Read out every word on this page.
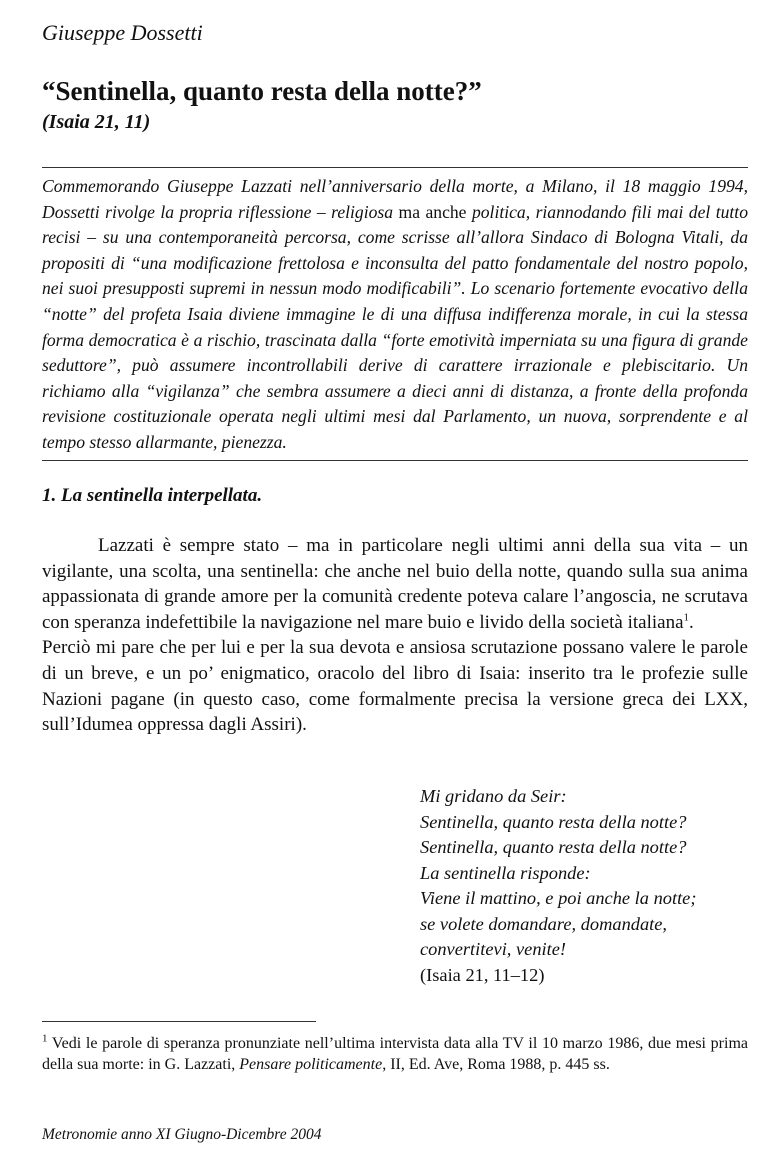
Giuseppe Dossetti
“Sentinella, quanto resta della notte?”
(Isaia 21, 11)
Commemorando Giuseppe Lazzati nell’anniversario della morte, a Milano, il 18 maggio 1994, Dossetti rivolge la propria riflessione – religiosa ma anche politica, riannodando fili mai del tutto recisi – su una contemporaneità percorsa, come scrisse all’allora Sindaco di Bologna Vitali, da propositi di “una modificazione frettolosa e inconsulta del patto fondamentale del nostro popolo, nei suoi presupposti supremi in nessun modo modificabili”. Lo scenario fortemente evocativo della “notte” del profeta Isaia diviene immagine le di una diffusa indifferenza morale, in cui la stessa forma democratica è a rischio, trascinata dalla “forte emotività imperniata su una figura di grande seduttore”, può assumere incontrollabili derive di carattere irrazionale e plebiscitario. Un richiamo alla “vigilanza” che sembra assumere a dieci anni di distanza, a fronte della profonda revisione costituzionale operata negli ultimi mesi dal Parlamento, un nuova, sorprendente e al tempo stesso allarmante, pienezza.
1. La sentinella interpellata.

Lazzati è sempre stato – ma in particolare negli ultimi anni della sua vita – un vigilante, una scolta, una sentinella: che anche nel buio della notte, quando sulla sua anima appassionata di grande amore per la comunità credente poteva calare l’angoscia, ne scrutava con speranza indefettibile la navigazione nel mare buio e livido della società italiana$^1$.

Perciò mi pare che per lui e per la sua devota e ansiosa scrutazione possano valere le parole di un breve, e un po’ enigmatico, oracolo del libro di Isaia: inserito tra le profezie sulle Nazioni pagane (in questo caso, come formalmente precisa la versione greca dei LXX, sull’Idumea oppressa dagli Assiri).

Mi gridano da Seir:
Sentinella, quanto resta della notte?
Sentinella, quanto resta della notte?
La sentinella risponde:
Viene il mattino, e poi anche la notte;
se volete domandare, domandate,
convertitevi, venite!
(Isaia 21, 11–12)
$^1$ Vedi le parole di speranza pronunziate nell’ultima intervista data alla TV il 10 marzo 1986, due mesi prima della sua morte: in G. Lazzati, Pensare politicamente, II, Ed. Ave, Roma 1988, p. 445 ss.
Metronomie anno XI Giugno-Dicembre 2004
